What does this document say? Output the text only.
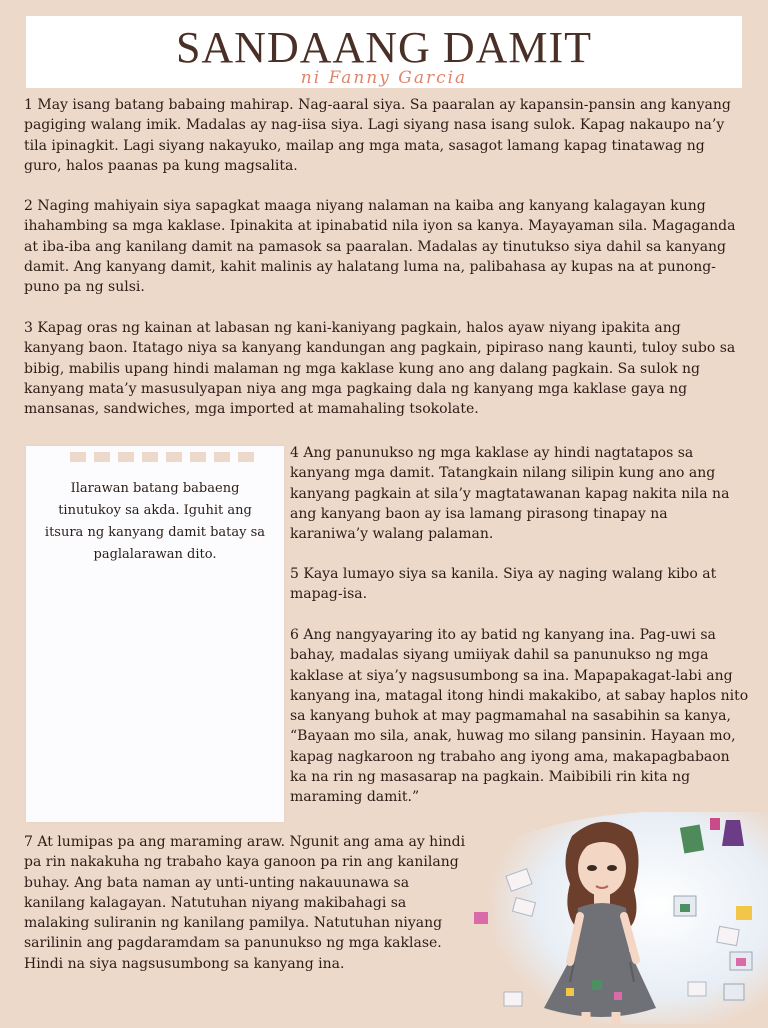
SANDAANG DAMIT
ni Fanny Garcia

1 May isang batang babaing mahirap. Nag-aaral siya. Sa paaralan ay kapansin-pansin ang kanyang pagiging walang imik. Madalas ay nag-iisa siya. Lagi siyang nasa isang sulok. Kapag nakaupo na’y tila ipinagkit. Lagi siyang nakayuko, mailap ang mga mata, sasagot lamang kapag tinatawag ng guro, halos paanas pa kung magsalita.

2 Naging mahiyain siya sapagkat maaga niyang nalaman na kaiba ang kanyang kalagayan kung ihahambing sa mga kaklase. Ipinakita at ipinabatid nila iyon sa kanya. Mayayaman sila. Magaganda at iba-iba ang kanilang damit na pamasok sa paaralan. Madalas ay tinutukso siya dahil sa kanyang damit. Ang kanyang damit, kahit malinis ay halatang luma na, palibahasa ay kupas na at punong-puno pa ng sulsi.

3 Kapag oras ng kainan at labasan ng kani-kaniyang pagkain, halos ayaw niyang ipakita ang kanyang baon. Itatago niya sa kanyang kandungan ang pagkain, pipiraso nang kaunti, tuloy subo sa bibig, mabilis upang hindi malaman ng mga kaklase kung ano ang dalang pagkain. Sa sulok ng kanyang mata’y masusulyapan niya ang mga pagkaing dala ng kanyang mga kaklase gaya ng mansanas, sandwiches, mga imported at mamahaling tsokolate.

Ilarawan batang babaeng tinutukoy sa akda. Iguhit ang itsura ng kanyang damit batay sa paglalarawan dito.

4 Ang panunukso ng mga kaklase ay hindi nagtatapos sa kanyang mga damit. Tatangkain nilang silipin kung ano ang kanyang pagkain at sila’y magtatawanan kapag nakita nila na ang kanyang baon ay isa lamang pirasong tinapay na karaniwa’y walang palaman.

5 Kaya lumayo siya sa kanila. Siya ay naging walang kibo at mapag-isa.

6 Ang nangyayaring ito ay batid ng kanyang ina. Pag-uwi sa bahay, madalas siyang umiiyak dahil sa panunukso ng mga kaklase at siya’y nagsusumbong sa ina. Mapapakagat-labi ang kanyang ina, matagal itong hindi makakibo, at sabay haplos nito sa kanyang buhok at may pagmamahal na sasabihin sa kanya, “Bayaan mo sila, anak, huwag mo silang pansinin. Hayaan mo, kapag nagkaroon ng trabaho ang iyong ama, makapagbabaon ka na rin ng masasarap na pagkain. Maibibili rin kita ng maraming damit.”

7 At lumipas pa ang maraming araw. Ngunit ang ama ay hindi pa rin nakakuha ng trabaho kaya ganoon pa rin ang kanilang buhay. Ang bata naman ay unti-unting nakauunawa sa kanilang kalagayan. Natutuhan niyang makibahagi sa malaking suliranin ng kanilang pamilya. Natutuhan niyang sarilinin ang pagdaramdam sa panunukso ng mga kaklase. Hindi na siya nagsusumbong sa kanyang ina.
